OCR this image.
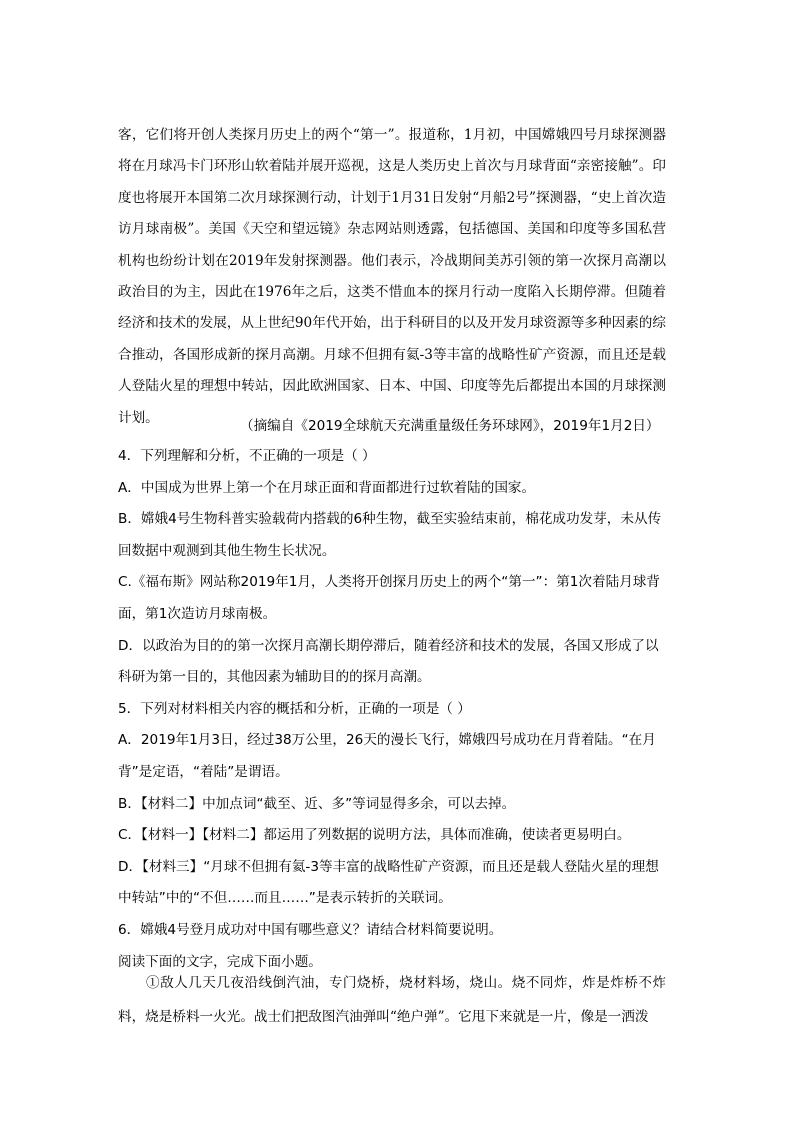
客，它们将开创人类探月历史上的两个“第一”。报道称，1月初，中国嫦娥四号月球探测器将在月球冯卡门环形山软着陆并展开巡视，这是人类历史上首次与月球背面“亲密接触”。印度也将展开本国第二次月球探测行动，计划于1月31日发射“月船2号”探测器，“史上首次造访月球南极”。美国《天空和望远镜》杂志网站则透露，包括德国、美国和印度等多国私营机构也纷纷计划在2019年发射探测器。他们表示，冷战期间美苏引领的第一次探月高潮以政治目的为主，因此在1976年之后，这类不惜血本的探月行动一度陷入长期停滞。但随着经济和技术的发展，从上世纪90年代开始，出于科研目的以及开发月球资源等多种因素的综合推动，各国形成新的探月高潮。月球不但拥有氦-3等丰富的战略性矿产资源，而且还是载人登陆火星的理想中转站，因此欧洲国家、日本、中国、印度等先后都提出本国的月球探测计划。

（摘编自《2019全球航天充满重量级任务环球网》，2019年1月2日）

4．下列理解和分析，不正确的一项是（ ）

A．中国成为世界上第一个在月球正面和背面都进行过软着陆的国家。

B．嫦娥4号生物科普实验载荷内搭载的6种生物，截至实验结束前，棉花成功发芽，未从传回数据中观测到其他生物生长状况。

C.《福布斯》网站称2019年1月，人类将开创探月历史上的两个“第一”：第1次着陆月球背面，第1次造访月球南极。

D．以政治为目的的第一次探月高潮长期停滞后，随着经济和技术的发展，各国又形成了以科研为第一目的，其他因素为辅助目的的探月高潮。

5．下列对材料相关内容的概括和分析，正确的一项是（ ）

A．2019年1月3日，经过38万公里，26天的漫长飞行，嫦娥四号成功在月背着陆。“在月背”是定语，“着陆”是谓语。

B．【材料二】中加点词“截至、近、多”等词显得多余，可以去掉。

C．【材料一】【材料二】都运用了列数据的说明方法，具体而准确，使读者更易明白。

D．【材料三】“月球不但拥有氦-3等丰富的战略性矿产资源，而且还是载人登陆火星的理想中转站”中的“不但……而且……”是表示转折的关联词。

6．嫦娥4号登月成功对中国有哪些意义？请结合材料简要说明。

阅读下面的文字，完成下面小题。

①敌人几天几夜沿线倒汽油，专门烧桥，烧材料场，烧山。烧不同炸，炸是炸桥不炸料，烧是桥料一火光。战士们把敌图汽油弹叫“绝户弹”。它甩下来就是一片，像是一洒泼
